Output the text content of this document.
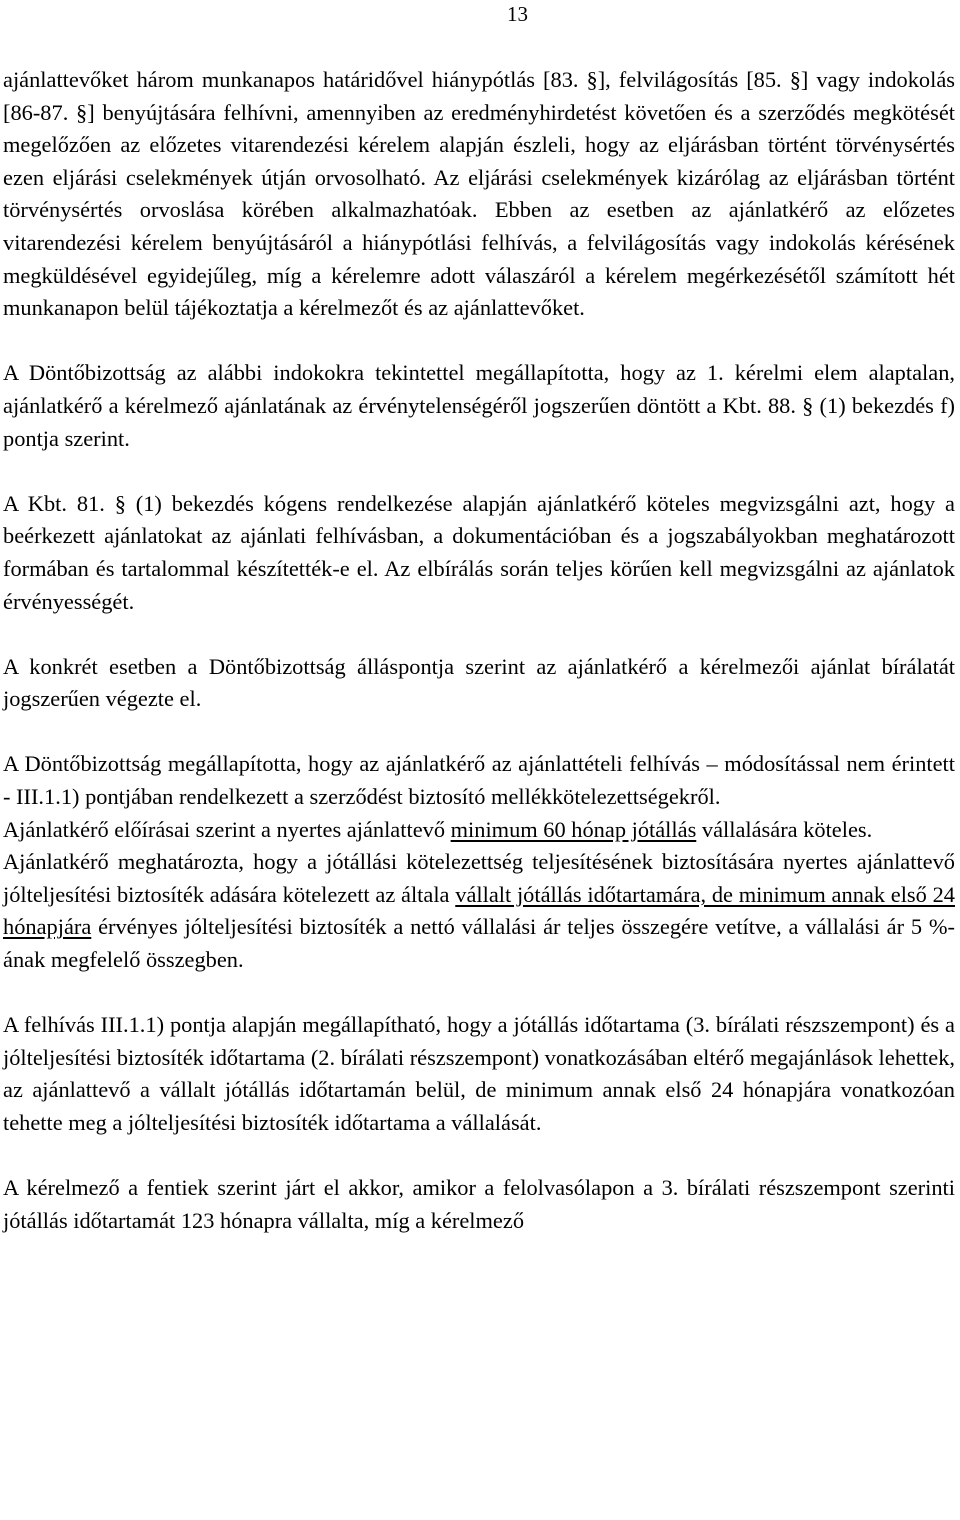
13

ajánlattevőket három munkanapos határidővel hiánypótlás [83. §], felvilágosítás [85. §] vagy indokolás [86-87. §] benyújtására felhívni, amennyiben az eredményhirdetést követően és a szerződés megkötését megelőzően az előzetes vitarendezési kérelem alapján észleli, hogy az eljárásban történt törvénysértés ezen eljárási cselekmények útján orvosolható. Az eljárási cselekmények kizárólag az eljárásban történt törvénysértés orvoslása körében alkalmazhatóak. Ebben az esetben az ajánlatkérő az előzetes vitarendezési kérelem benyújtásáról a hiánypótlási felhívás, a felvilágosítás vagy indokolás kérésének megküldésével egyidejűleg, míg a kérelemre adott válaszáról a kérelem megérkezésétől számított hét munkanapon belül tájékoztatja a kérelmezőt és az ajánlattevőket.

A Döntőbizottság az alábbi indokokra tekintettel megállapította, hogy az 1. kérelmi elem alaptalan, ajánlatkérő a kérelmező ajánlatának az érvénytelenségéről jogszerűen döntött a Kbt. 88. § (1) bekezdés f) pontja szerint.

A Kbt. 81. § (1) bekezdés kógens rendelkezése alapján ajánlatkérő köteles megvizsgálni azt, hogy a beérkezett ajánlatokat az ajánlati felhívásban, a dokumentációban és a jogszabályokban meghatározott formában és tartalommal készítették-e el. Az elbírálás során teljes körűen kell megvizsgálni az ajánlatok érvényességét.

A konkrét esetben a Döntőbizottság álláspontja szerint az ajánlatkérő a kérelmezői ajánlat bírálatát jogszerűen végezte el.

A Döntőbizottság megállapította, hogy az ajánlatkérő az ajánlattételi felhívás – módosítással nem érintett - III.1.1) pontjában rendelkezett a szerződést biztosító mellékkötelezettségekről.

Ajánlatkérő előírásai szerint a nyertes ajánlattevő minimum 60 hónap jótállás vállalására köteles.

Ajánlatkérő meghatározta, hogy a jótállási kötelezettség teljesítésének biztosítására nyertes ajánlattevő jólteljesítési biztosíték adására kötelezett az általa vállalt jótállás időtartamára, de minimum annak első 24 hónapjára érvényes jólteljesítési biztosíték a nettó vállalási ár teljes összegére vetítve, a vállalási ár 5 %-ának megfelelő összegben.

A felhívás III.1.1) pontja alapján megállapítható, hogy a jótállás időtartama (3. bírálati részszempont) és a jólteljesítési biztosíték időtartama (2. bírálati részszempont) vonatkozásában eltérő megajánlások lehettek, az ajánlattevő a vállalt jótállás időtartamán belül, de minimum annak első 24 hónapjára vonatkozóan tehette meg a jólteljesítési biztosíték időtartama a vállalását.

A kérelmező a fentiek szerint járt el akkor, amikor a felolvasólapon a 3. bírálati részszempont szerinti jótállás időtartamát 123 hónapra vállalta, míg a kérelmező
